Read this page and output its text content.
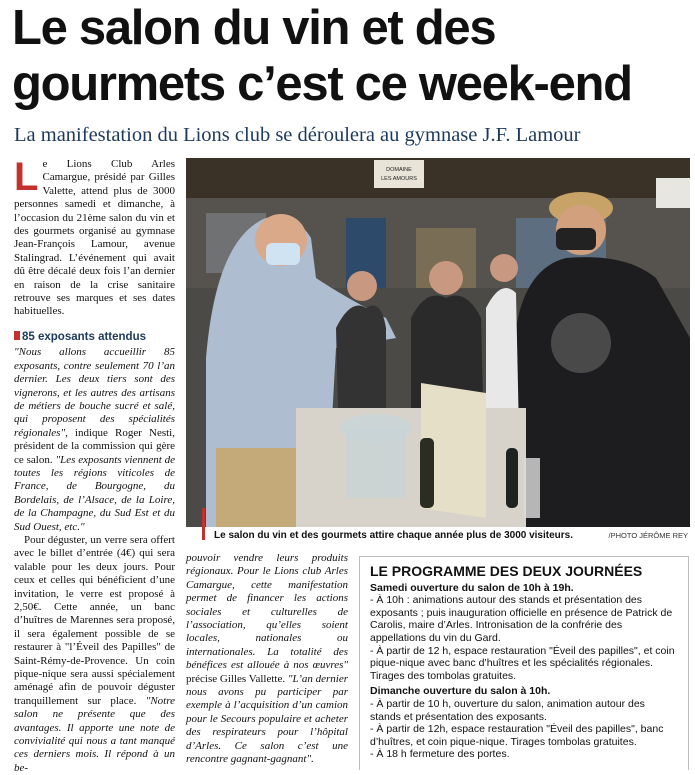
Le salon du vin et des gourmets c’est ce week-end
La manifestation du Lions club se déroulera au gymnase J.F. Lamour

Le Lions Club Arles Camargue, présidé par Gilles Valette, attend plus de 3000 personnes samedi et dimanche, à l’occasion du 21ème salon du vin et des gourmets organisé au gymnase Jean-François Lamour, avenue Stalingrad. L’événement qui avait dû être décalé deux fois l’an dernier en raison de la crise sanitaire retrouve ses marques et ses dates habituelles.

85 exposants attendus

"Nous allons accueillir 85 exposants, contre seulement 70 l’an dernier. Les deux tiers sont des vignerons, et les autres des artisans de métiers de bouche sucré et salé, qui proposent des spécialités régionales", indique Roger Nesti, président de la commission qui gère ce salon. "Les exposants viennent de toutes les régions viticoles de France, de Bourgogne, du Bordelais, de l’Alsace, de la Loire, de la Champagne, du Sud Est et du Sud Ouest, etc."

Pour déguster, un verre sera offert avec le billet d’entrée (4€) qui sera valable pour les deux jours. Pour ceux et celles qui bénéficient d’une invitation, le verre est proposé à 2,50€. Cette année, un banc d’huîtres de Marennes sera proposé, il sera également possible de se restaurer à "l’Éveil des Papilles" de Saint-Rémy-de-Provence. Un coin pique-nique sera aussi spécialement aménagé afin de pouvoir déguster tranquillement sur place. "Notre salon ne présente que des avantages. Il apporte une note de convivialité qui nous a tant manqué ces derniers mois. Il répond à un be-

DOMAINE
LES AMOURS
Le salon du vin et des gourmets attire chaque année plus de 3000 visiteurs.	/PHOTO JÉRÔME REY

pouvoir vendre leurs produits régionaux. Pour le Lions club Arles Camargue, cette manifestation permet de financer les actions sociales et culturelles de l’association, qu’elles soient locales, nationales ou internationales. La totalité des bénéfices est allouée à nos œuvres" précise Gilles Vallette. "L’an dernier nous avons pu participer par exemple à l’acquisition d’un camion pour le Secours populaire et acheter des respirateurs pour l’hôpital d’Arles. Ce salon c’est une rencontre gagnant-gagnant".

LE PROGRAMME DES DEUX JOURNÉES
Samedi ouverture du salon de 10h à 19h.

- À 10h : animations autour des stands et présentation des exposants ; puis inauguration officielle en présence de Patrick de Carolis, maire d’Arles. Intronisation de la confrérie des appellations du vin du Gard.

- À partir de 12 h, espace restauration "Éveil des papilles", et coin pique-nique avec banc d’huîtres et les spécialités régionales. Tirages des tombolas gratuites.

Dimanche ouverture du salon à 10h.

- À partir de 10 h, ouverture du salon, animation autour des stands et présentation des exposants.

- À partir de 12h, espace restauration "Éveil des papilles", banc d’huîtres, et coin pique-nique. Tirages tombolas gratuites.

- À 18 h fermeture des portes.
